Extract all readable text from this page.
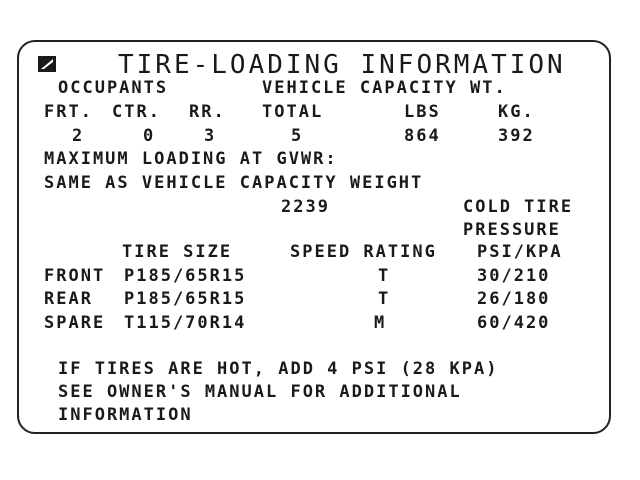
TIRE-LOADING INFORMATION
OCCUPANTS	VEHICLE CAPACITY WT.
FRT. CTR. RR. TOTAL	LBS	KG.
2	0	3	5	864	392
MAXIMUM LOADING AT GVWR:
SAME AS VEHICLE CAPACITY WEIGHT
2239	COLD TIRE
PRESSURE
TIRE SIZE	SPEED RATING PSI/KPA
FRONT P185/65R15	T	30/210
REAR P185/65R15	T	26/180
SPARE T115/70R14	M	60/420
IF TIRES ARE HOT, ADD 4 PSI (28 KPA)
SEE OWNER'S MANUAL FOR ADDITIONAL
INFORMATION
